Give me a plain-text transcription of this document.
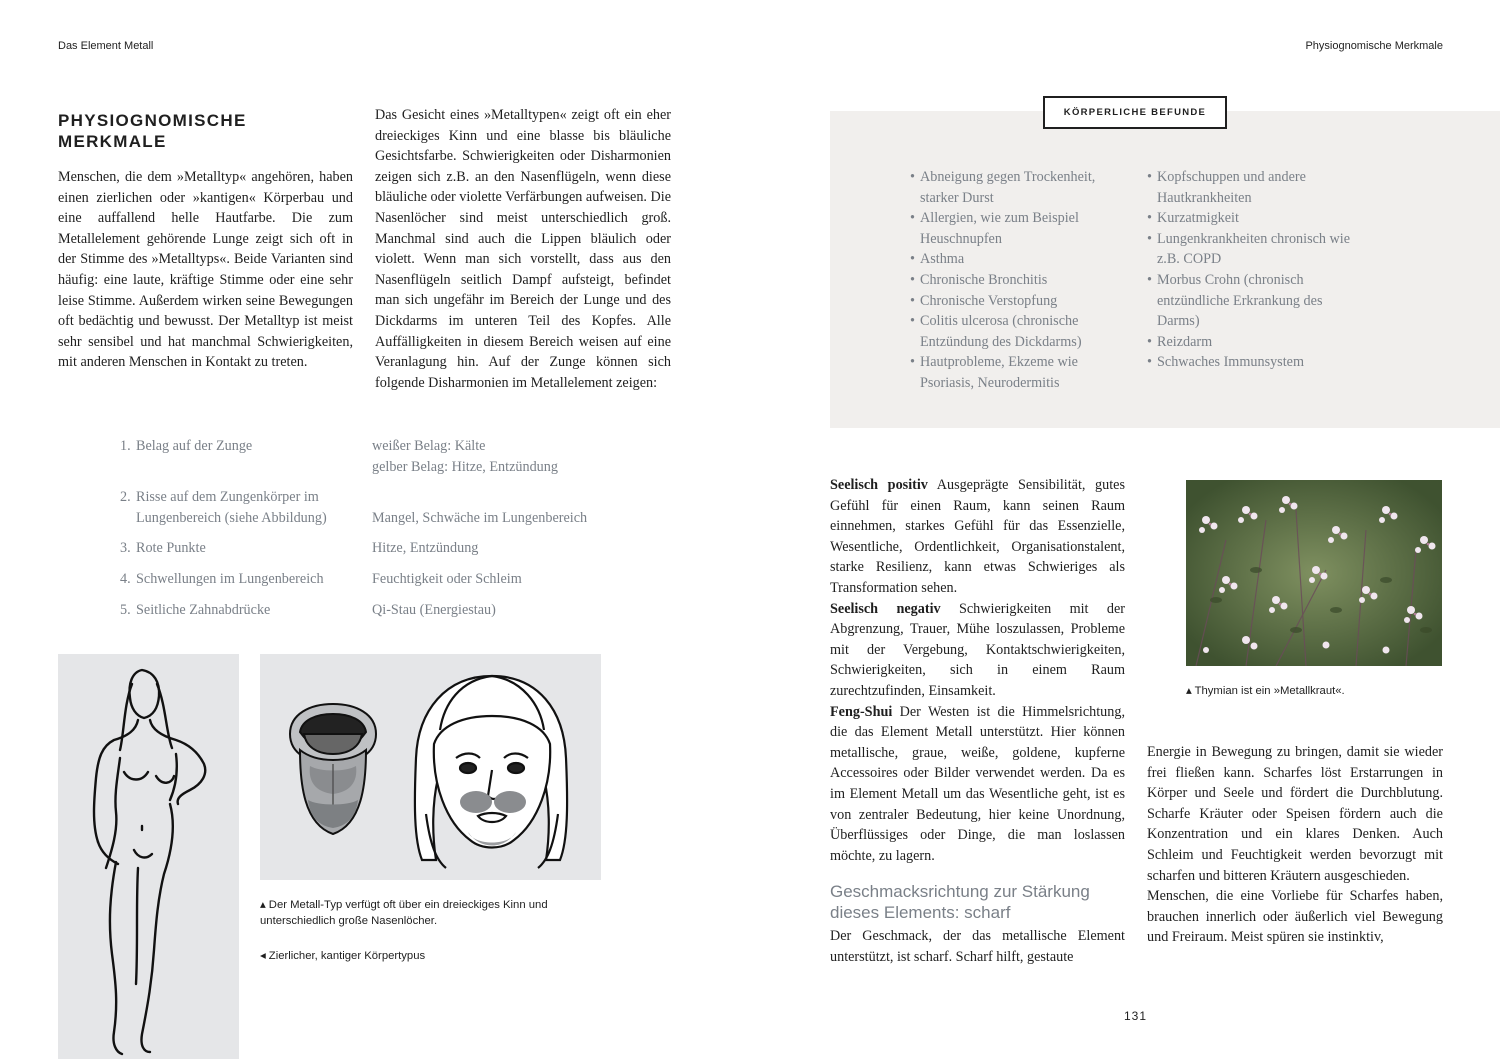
Das Element Metall	Physiognomische Merkmale
PHYSIOGNOMISCHE
MERKMALE

Menschen, die dem »Metalltyp« angehören, haben einen zierlichen oder »kantigen« Körperbau und eine auffallend helle Hautfarbe. Die zum Metallelement gehörende Lunge zeigt sich oft in der Stimme des »Metalltyps«. Beide Varianten sind häufig: eine laute, kräftige Stimme oder eine sehr leise Stimme. Außerdem wirken seine Bewegungen oft bedächtig und bewusst. Der Metalltyp ist meist sehr sensibel und hat manchmal Schwierigkeiten, mit anderen Menschen in Kontakt zu treten.

Das Gesicht eines »Metalltypen« zeigt oft ein eher dreieckiges Kinn und eine blasse bis bläuliche Gesichtsfarbe. Schwierigkeiten oder Disharmonien zeigen sich z.B. an den Nasenflügeln, wenn diese bläuliche oder violette Verfärbungen aufweisen. Die Nasenlöcher sind meist unterschiedlich groß. Manchmal sind auch die Lippen bläulich oder violett. Wenn man sich vorstellt, dass aus den Nasenflügeln seitlich Dampf aufsteigt, befindet man sich ungefähr im Bereich der Lunge und des Dickdarms im unteren Teil des Kopfes. Alle Auffälligkeiten in diesem Bereich weisen auf eine Veranlagung hin. Auf der Zunge können sich folgende Disharmonien im Metallelement zeigen:

1. Belag auf der Zunge	weißer Belag: Kälte
gelber Belag: Hitze, Entzündung
2. Risse auf dem Zungenkörper im Lungenbereich (siehe Abbildung)	Mangel, Schwäche im Lungenbereich
3. Rote Punkte	Hitze, Entzündung
4. Schwellungen im Lungenbereich	Feuchtigkeit oder Schleim
5. Seitliche Zahnabdrücke	Qi-Stau (Energiestau)
▴ Der Metall-Typ verfügt oft über ein dreieckiges Kinn und unterschiedlich große Nasenlöcher.
◂ Zierlicher, kantiger Körpertypus
KÖRPERLICHE BEFUNDE
• Abneigung gegen Trockenheit, starker Durst
• Allergien, wie zum Beispiel Heuschnupfen
• Asthma
• Chronische Bronchitis
• Chronische Verstopfung
• Colitis ulcerosa (chronische Entzündung des Dickdarms)
• Hautprobleme, Ekzeme wie Psoriasis, Neurodermitis
• Kopfschuppen und andere Hautkrankheiten
• Kurzatmigkeit
• Lungenkrankheiten chronisch wie z.B. COPD
• Morbus Crohn (chronisch entzündliche Erkrankung des Darms)
• Reizdarm
• Schwaches Immunsystem

Seelisch positiv Ausgeprägte Sensibilität, gutes Gefühl für einen Raum, kann seinen Raum einnehmen, starkes Gefühl für das Essenzielle, Wesentliche, Ordentlichkeit, Organisationstalent, starke Resilienz, kann etwas Schwieriges als Transformation sehen.

Seelisch negativ Schwierigkeiten mit der Abgrenzung, Trauer, Mühe loszulassen, Probleme mit der Vergebung, Kontaktschwierigkeiten, Schwierigkeiten, sich in einem Raum zurechtzufinden, Einsamkeit.

Feng-Shui Der Westen ist die Himmelsrichtung, die das Element Metall unterstützt. Hier können metallische, graue, weiße, goldene, kupferne Accessoires oder Bilder verwendet werden. Da es im Element Metall um das Wesentliche geht, ist es von zentraler Bedeutung, hier keine Unordnung, Überflüssiges oder Dinge, die man loslassen möchte, zu lagern.

Geschmacksrichtung zur Stärkung dieses Elements: scharf

Der Geschmack, der das metallische Element unterstützt, ist scharf. Scharf hilft, gestaute

▴ Thymian ist ein »Metallkraut«.

Energie in Bewegung zu bringen, damit sie wieder frei fließen kann. Scharfes löst Erstarrungen in Körper und Seele und fördert die Durchblutung. Scharfe Kräuter oder Speisen fördern auch die Konzentration und ein klares Denken. Auch Schleim und Feuchtigkeit werden bevorzugt mit scharfen und bitteren Kräutern ausgeschieden.

Menschen, die eine Vorliebe für Scharfes haben, brauchen innerlich oder äußerlich viel Bewegung und Freiraum. Meist spüren sie instinktiv,

131
